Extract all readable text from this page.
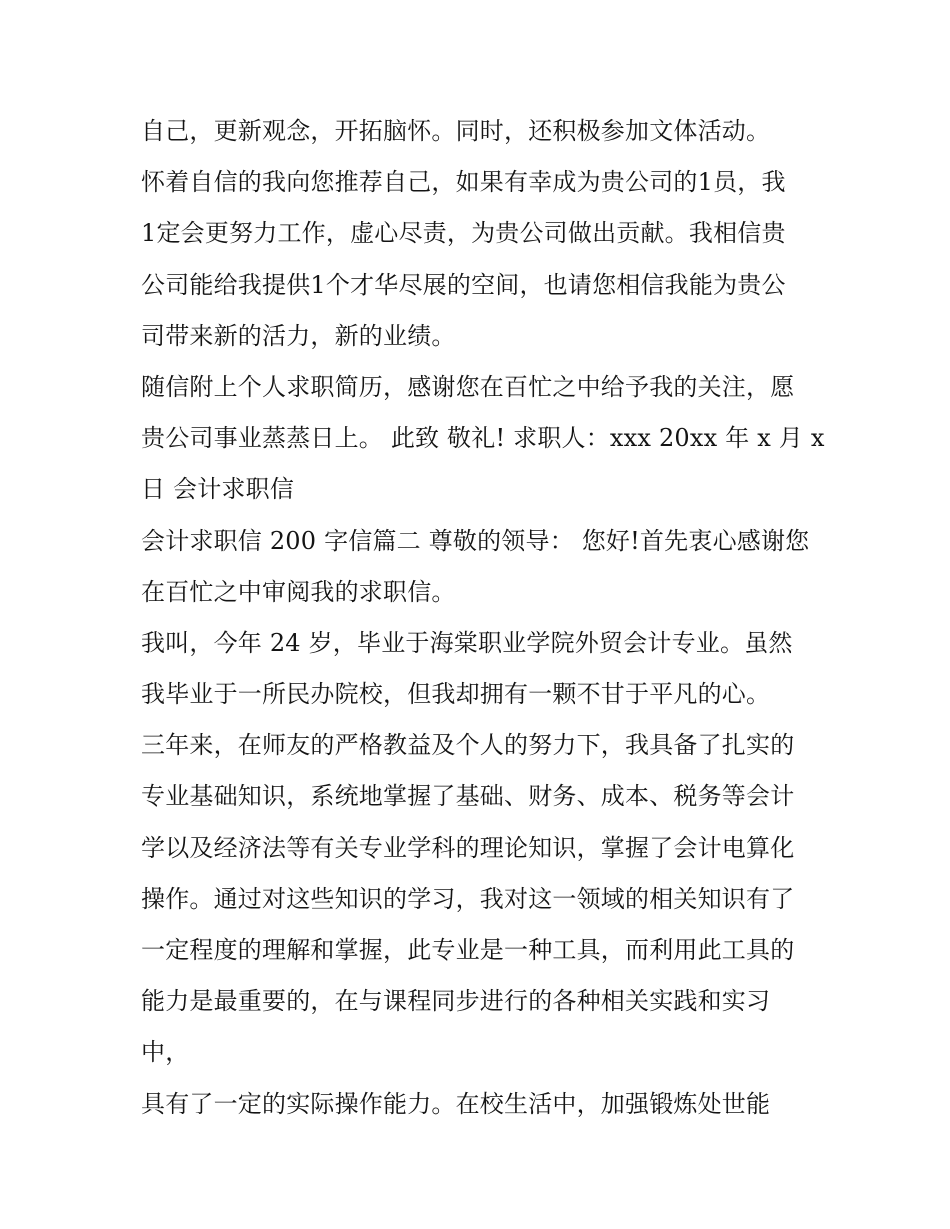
自己，更新观念，开拓脑怀。同时，还积极参加文体活动。
怀着自信的我向您推荐自己，如果有幸成为贵公司的1员，我
1定会更努力工作，虚心尽责，为贵公司做出贡献。我相信贵
公司能给我提供1个才华尽展的空间，也请您相信我能为贵公
司带来新的活力，新的业绩。
随信附上个人求职简历，感谢您在百忙之中给予我的关注，愿
贵公司事业蒸蒸日上。 此致 敬礼! 求职人：xxx 20xx 年 x 月 x
日 会计求职信
会计求职信 200 字信篇二 尊敬的领导： 您好!首先衷心感谢您
在百忙之中审阅我的求职信。
我叫，今年 24 岁，毕业于海棠职业学院外贸会计专业。虽然
我毕业于一所民办院校，但我却拥有一颗不甘于平凡的心。
三年来，在师友的严格教益及个人的努力下，我具备了扎实的
专业基础知识，系统地掌握了基础、财务、成本、税务等会计
学以及经济法等有关专业学科的理论知识，掌握了会计电算化
操作。通过对这些知识的学习，我对这一领域的相关知识有了
一定程度的理解和掌握，此专业是一种工具，而利用此工具的
能力是最重要的，在与课程同步进行的各种相关实践和实习
中，
具有了一定的实际操作能力。在校生活中，加强锻炼处世能
